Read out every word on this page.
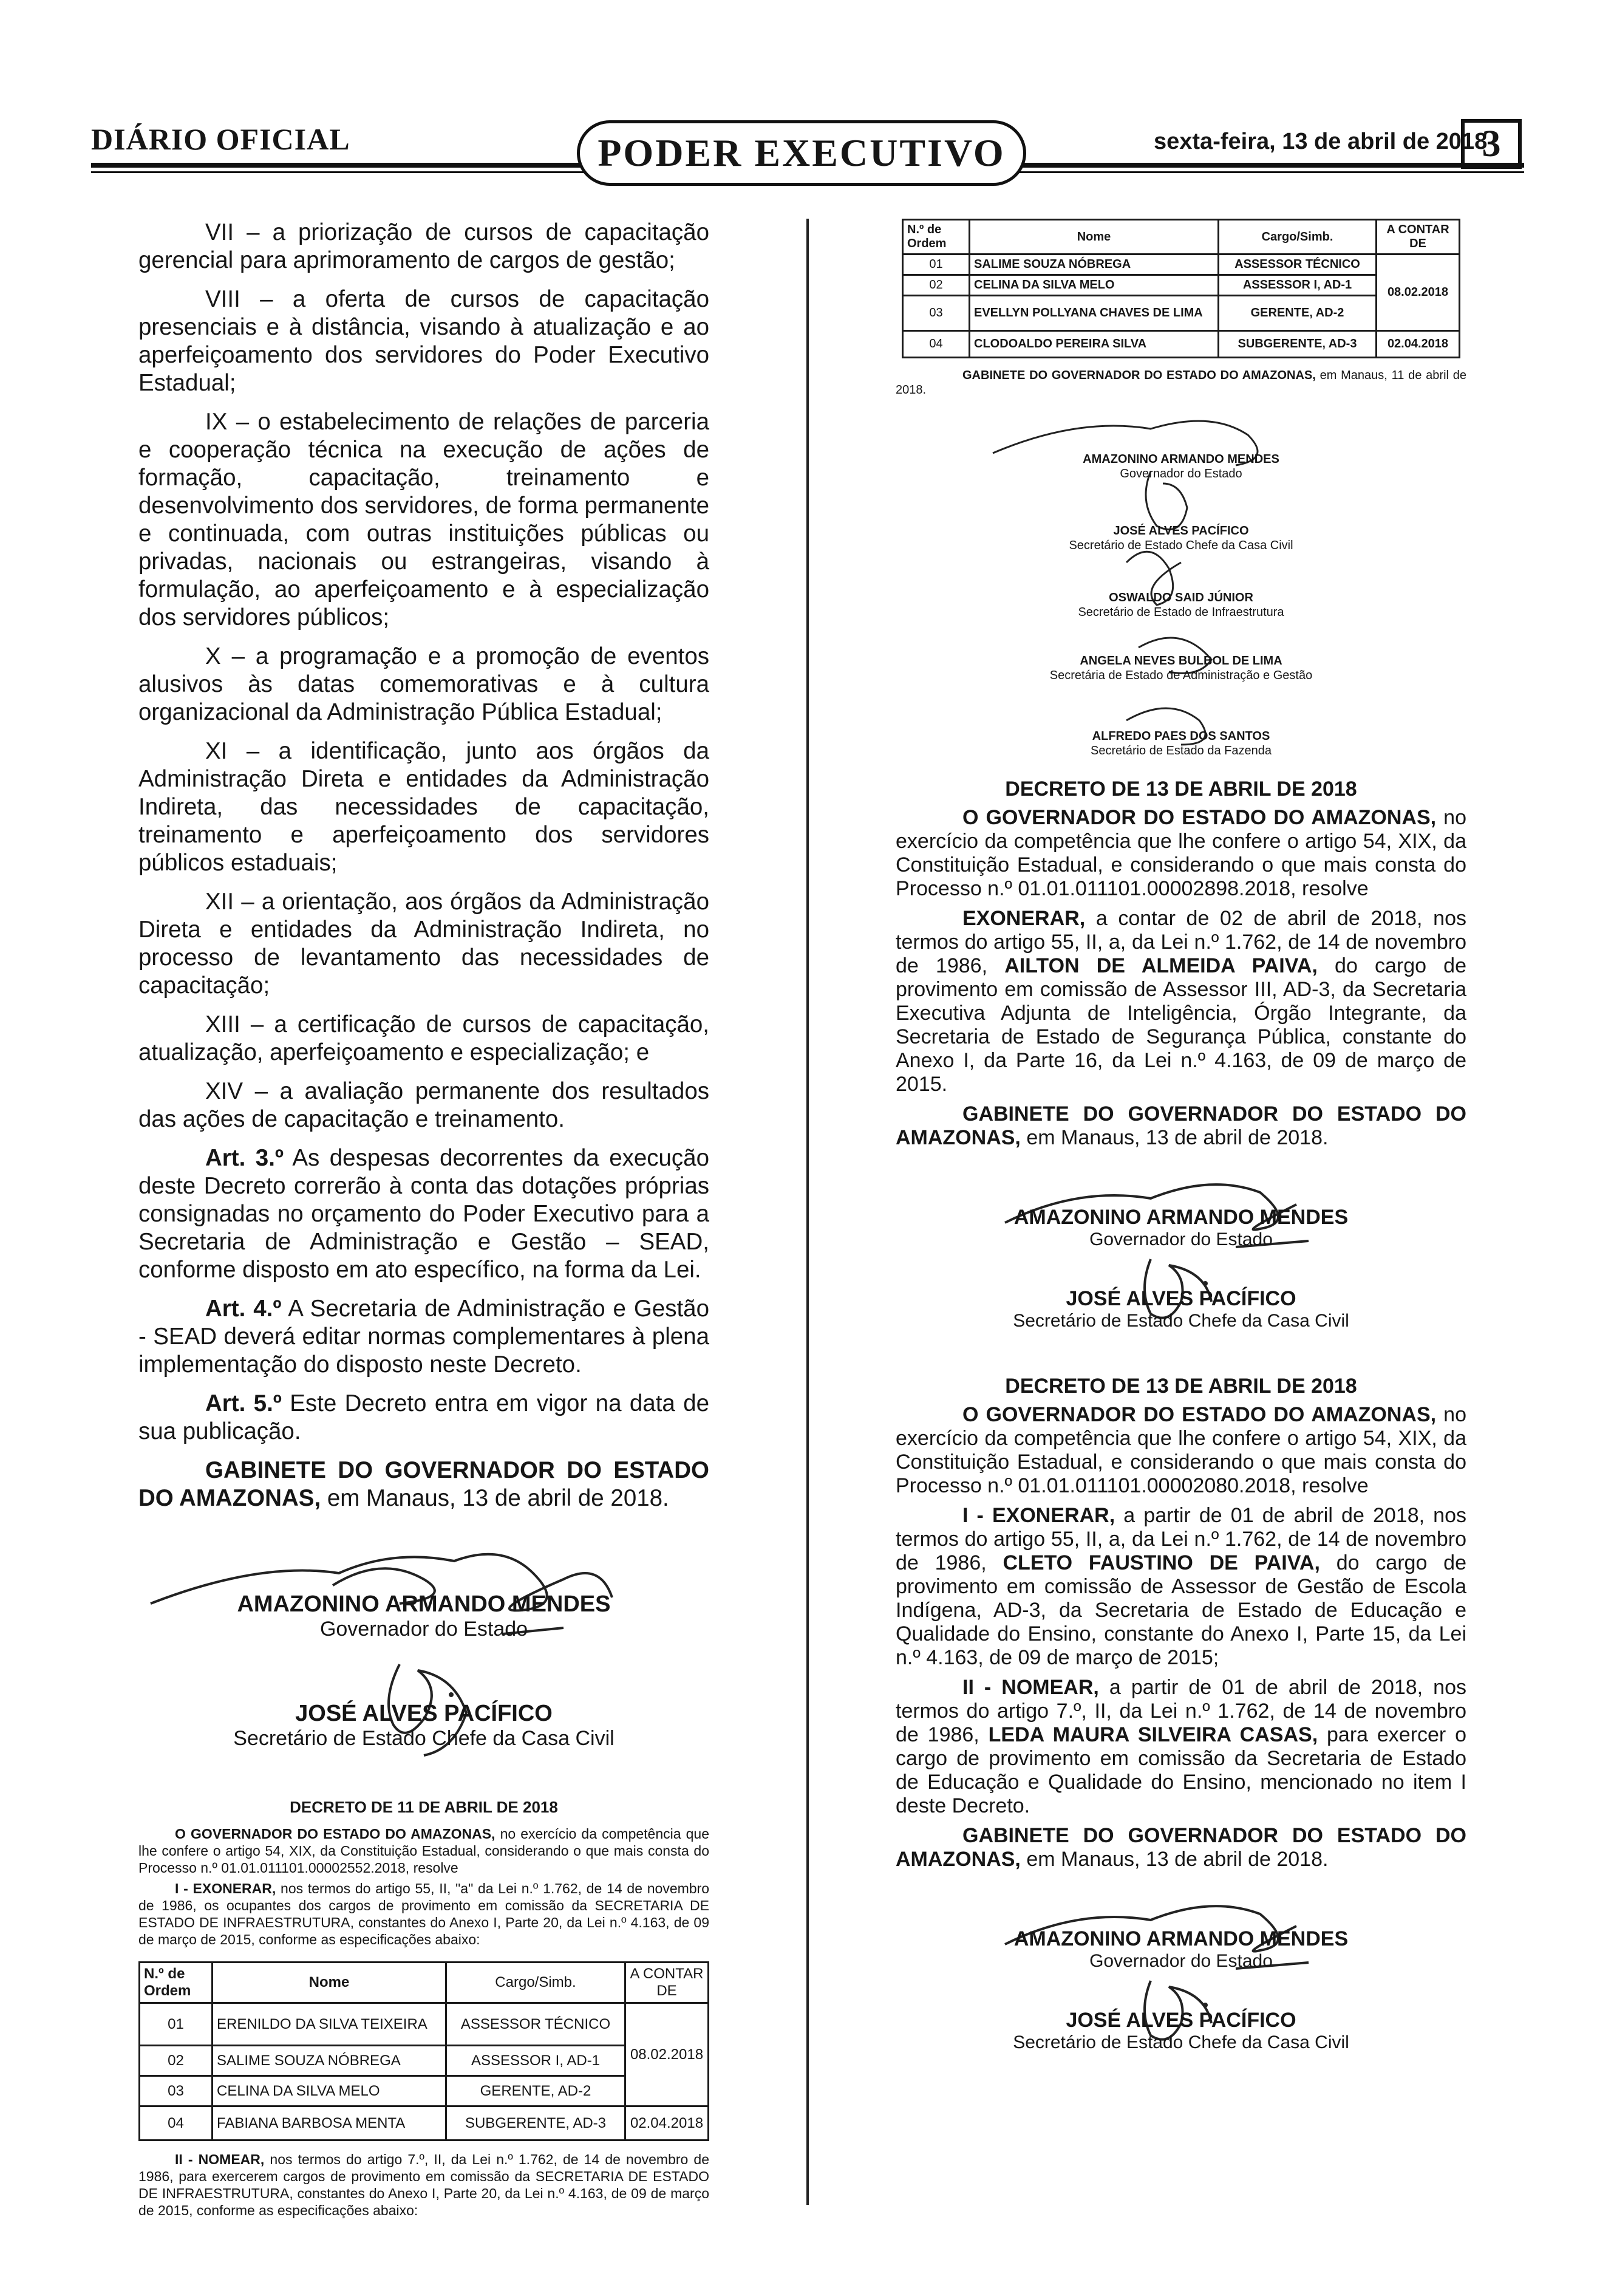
DIÁRIO OFICIAL	PODER EXECUTIVO	sexta-feira, 13 de abril de 2018
3

VII – a priorização de cursos de capacitação gerencial para aprimoramento de cargos de gestão;

VIII – a oferta de cursos de capacitação presenciais e à distância, visando à atualização e ao aperfeiçoamento dos servidores do Poder Executivo Estadual;

IX – o estabelecimento de relações de parceria e cooperação técnica na execução de ações de formação, capacitação, treinamento e desenvolvimento dos servidores, de forma permanente e continuada, com outras instituições públicas ou privadas, nacionais ou estrangeiras, visando à formulação, ao aperfeiçoamento e à especialização dos servidores públicos;

X – a programação e a promoção de eventos alusivos às datas comemorativas e à cultura organizacional da Administração Pública Estadual;

XI – a identificação, junto aos órgãos da Administração Direta e entidades da Administração Indireta, das necessidades de capacitação, treinamento e aperfeiçoamento dos servidores públicos estaduais;

XII – a orientação, aos órgãos da Administração Direta e entidades da Administração Indireta, no processo de levantamento das necessidades de capacitação;

XIII – a certificação de cursos de capacitação, atualização, aperfeiçoamento e especialização; e

XIV – a avaliação permanente dos resultados das ações de capacitação e treinamento.

Art. 3.º As despesas decorrentes da execução deste Decreto correrão à conta das dotações próprias consignadas no orçamento do Poder Executivo para a Secretaria de Administração e Gestão – SEAD, conforme disposto em ato específico, na forma da Lei.

Art. 4.º A Secretaria de Administração e Gestão - SEAD deverá editar normas complementares à plena implementação do disposto neste Decreto.

Art. 5.º Este Decreto entra em vigor na data de sua publicação.

GABINETE DO GOVERNADOR DO ESTADO DO AMAZONAS, em Manaus, 13 de abril de 2018.

AMAZONINO ARMANDO MENDES
Governador do Estado
JOSÉ ALVES PACÍFICO
Secretário de Estado Chefe da Casa Civil
DECRETO DE 11 DE ABRIL DE 2018

O GOVERNADOR DO ESTADO DO AMAZONAS, no exercício da competência que lhe confere o artigo 54, XIX, da Constituição Estadual, considerando o que mais consta do Processo n.º 01.01.011101.00002552.2018, resolve

I - EXONERAR, nos termos do artigo 55, II, "a" da Lei n.º 1.762, de 14 de novembro de 1986, os ocupantes dos cargos de provimento em comissão da SECRETARIA DE ESTADO DE INFRAESTRUTURA, constantes do Anexo I, Parte 20, da Lei n.º 4.163, de 09 de março de 2015, conforme as especificações abaixo:

N.º de Ordem	Nome	Cargo/Simb.	A CONTAR DE
01	ERENILDO DA SILVA TEIXEIRA	ASSESSOR TÉCNICO	08.02.2018
02	SALIME SOUZA NÓBREGA	ASSESSOR I, AD-1	
03	CELINA DA SILVA MELO	GERENTE, AD-2	
04	FABIANA BARBOSA MENTA	SUBGERENTE, AD-3	02.04.2018

II - NOMEAR, nos termos do artigo 7.º, II, da Lei n.º 1.762, de 14 de novembro de 1986, para exercerem cargos de provimento em comissão da SECRETARIA DE ESTADO DE INFRAESTRUTURA, constantes do Anexo I, Parte 20, da Lei n.º 4.163, de 09 de março de 2015, conforme as especificações abaixo:

N.º de Ordem	Nome	Cargo/Simb.	A CONTAR DE
01	SALIME SOUZA NÓBREGA	ASSESSOR TÉCNICO	08.02.2018
02	CELINA DA SILVA MELO	ASSESSOR I, AD-1	
03	EVELLYN POLLYANA CHAVES DE LIMA	GERENTE, AD-2	
04	CLODOALDO PEREIRA SILVA	SUBGERENTE, AD-3	02.04.2018

GABINETE DO GOVERNADOR DO ESTADO DO AMAZONAS, em Manaus, 11 de abril de 2018.

AMAZONINO ARMANDO MENDES
Governador do Estado
JOSÉ ALVES PACÍFICO
Secretário de Estado Chefe da Casa Civil
OSWALDO SAID JÚNIOR
Secretário de Estado de Infraestrutura
ANGELA NEVES BULBOL DE LIMA
Secretária de Estado de Administração e Gestão
ALFREDO PAES DOS SANTOS
Secretário de Estado da Fazenda
DECRETO DE 13 DE ABRIL DE 2018

O GOVERNADOR DO ESTADO DO AMAZONAS, no exercício da competência que lhe confere o artigo 54, XIX, da Constituição Estadual, e considerando o que mais consta do Processo n.º 01.01.011101.00002898.2018, resolve

EXONERAR, a contar de 02 de abril de 2018, nos termos do artigo 55, II, a, da Lei n.º 1.762, de 14 de novembro de 1986, AILTON DE ALMEIDA PAIVA, do cargo de provimento em comissão de Assessor III, AD-3, da Secretaria Executiva Adjunta de Inteligência, Órgão Integrante, da Secretaria de Estado de Segurança Pública, constante do Anexo I, da Parte 16, da Lei n.º 4.163, de 09 de março de 2015.

GABINETE DO GOVERNADOR DO ESTADO DO AMAZONAS, em Manaus, 13 de abril de 2018.

AMAZONINO ARMANDO MENDES
Governador do Estado
JOSÉ ALVES PACÍFICO
Secretário de Estado Chefe da Casa Civil
DECRETO DE 13 DE ABRIL DE 2018

O GOVERNADOR DO ESTADO DO AMAZONAS, no exercício da competência que lhe confere o artigo 54, XIX, da Constituição Estadual, e considerando o que mais consta do Processo n.º 01.01.011101.00002080.2018, resolve

I - EXONERAR, a partir de 01 de abril de 2018, nos termos do artigo 55, II, a, da Lei n.º 1.762, de 14 de novembro de 1986, CLETO FAUSTINO DE PAIVA, do cargo de provimento em comissão de Assessor de Gestão de Escola Indígena, AD-3, da Secretaria de Estado de Educação e Qualidade do Ensino, constante do Anexo I, Parte 15, da Lei n.º 4.163, de 09 de março de 2015;

II - NOMEAR, a partir de 01 de abril de 2018, nos termos do artigo 7.º, II, da Lei n.º 1.762, de 14 de novembro de 1986, LEDA MAURA SILVEIRA CASAS, para exercer o cargo de provimento em comissão da Secretaria de Estado de Educação e Qualidade do Ensino, mencionado no item I deste Decreto.

GABINETE DO GOVERNADOR DO ESTADO DO AMAZONAS, em Manaus, 13 de abril de 2018.

AMAZONINO ARMANDO MENDES
Governador do Estado
JOSÉ ALVES PACÍFICO
Secretário de Estado Chefe da Casa Civil
